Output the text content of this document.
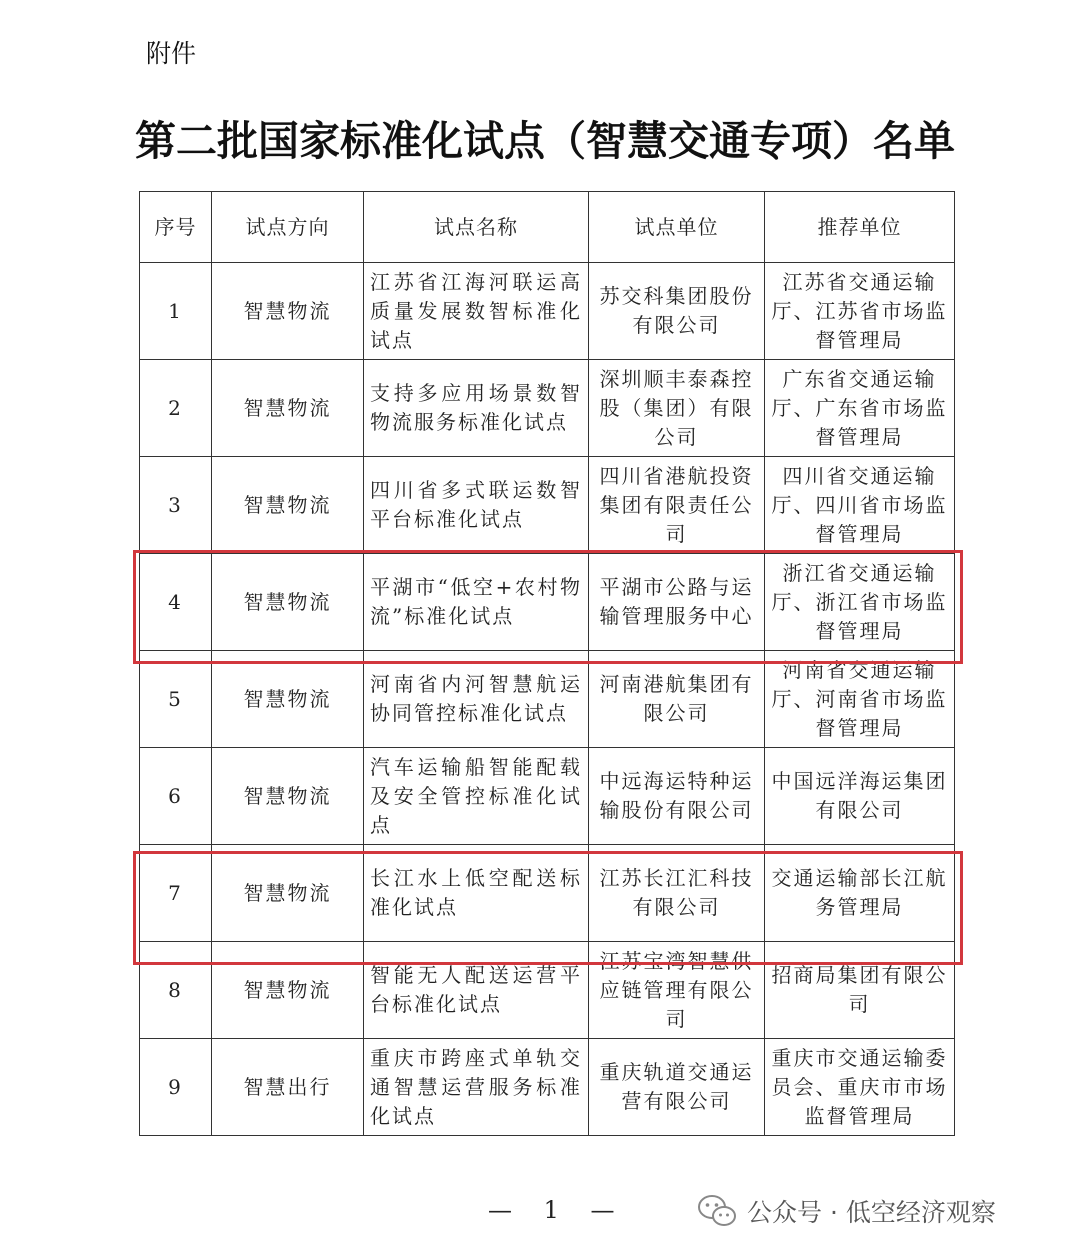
附件
第二批国家标准化试点（智慧交通专项）名单
序号	试点方向	试点名称	试点单位	推荐单位
1	智慧物流	江苏省江海河联运高质量发展数智标准化试点	苏交科集团股份有限公司	江苏省交通运输厅、江苏省市场监督管理局
2	智慧物流	支持多应用场景数智物流服务标准化试点	深圳顺丰泰森控股（集团）有限公司	广东省交通运输厅、广东省市场监督管理局
3	智慧物流	四川省多式联运数智平台标准化试点	四川省港航投资集团有限责任公司	四川省交通运输厅、四川省市场监督管理局
4	智慧物流	平湖市“低空+农村物流”标准化试点	平湖市公路与运输管理服务中心	浙江省交通运输厅、浙江省市场监督管理局
5	智慧物流	河南省内河智慧航运协同管控标准化试点	河南港航集团有限公司	河南省交通运输厅、河南省市场监督管理局
6	智慧物流	汽车运输船智能配载及安全管控标准化试点	中远海运特种运输股份有限公司	中国远洋海运集团有限公司
7	智慧物流	长江水上低空配送标准化试点	江苏长江汇科技有限公司	交通运输部长江航务管理局
8	智慧物流	智能无人配送运营平台标准化试点	江苏宝湾智慧供应链管理有限公司	招商局集团有限公司
9	智慧出行	重庆市跨座式单轨交通智慧运营服务标准化试点	重庆轨道交通运营有限公司	重庆市交通运输委员会、重庆市市场监督管理局
— 1 —	公众号 · 低空经济观察
